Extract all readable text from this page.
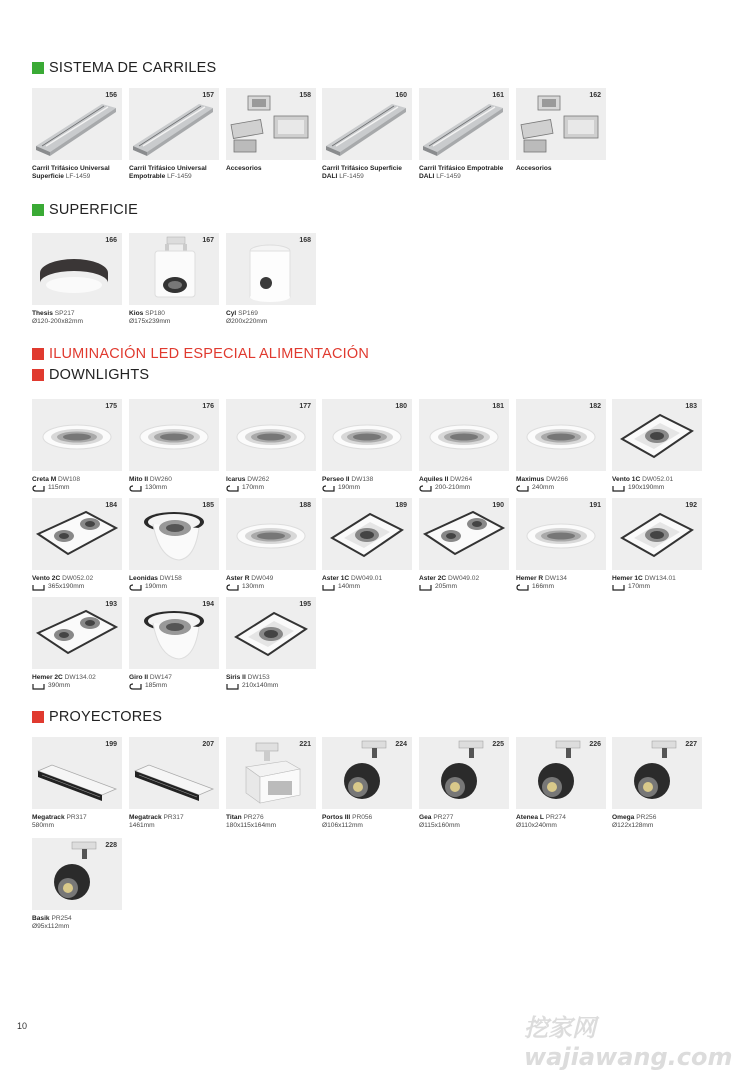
SISTEMA DE CARRILES
SUPERFICIE
ILUMINACIÓN LED ESPECIAL ALIMENTACIÓN
DOWNLIGHTS
PROYECTORES
156
Carril Trifásico Universal
Superficie LF-1459
157
Carril Trifásico Universal
Empotrable LF-1459
158
Accesorios
160
Carril Trifásico Superficie
DALI LF-1459
161
Carril Trifásico Empotrable
DALI LF-1459
162
Accesorios
166
Thesis SP217
Ø120-200x82mm
167
Kios SP180
Ø175x239mm
168
Cyl SP169
Ø200x220mm
175
Creta M DW108
115mm
176
Mito II DW260
130mm
177
Icarus DW262
170mm
180
Perseo II DW138
190mm
181
Aquiles II DW264
200-210mm
182
Maximus DW266
240mm
183
Vento 1C DW052.01
190x190mm
184
Vento 2C DW052.02
365x190mm
185
Leonidas DW158
190mm
188
Aster R DW049
130mm
189
Aster 1C DW049.01
140mm
190
Aster 2C DW049.02
205mm
191
Hemer R DW134
166mm
192
Hemer 1C DW134.01
170mm
193
Hemer 2C DW134.02
390mm
194
Giro II DW147
185mm
195
Siris II DW153
210x140mm
199
Megatrack PR317
580mm
207
Megatrack PR317
1461mm
221
Titan PR276
180x115x164mm
224
Portos III PR056
Ø106x112mm
225
Gea PR277
Ø115x160mm
226
Atenea L PR274
Ø110x240mm
227
Omega PR256
Ø122x128mm
228
Basik PR254
Ø95x112mm
10	挖家网 wajiawang.com
